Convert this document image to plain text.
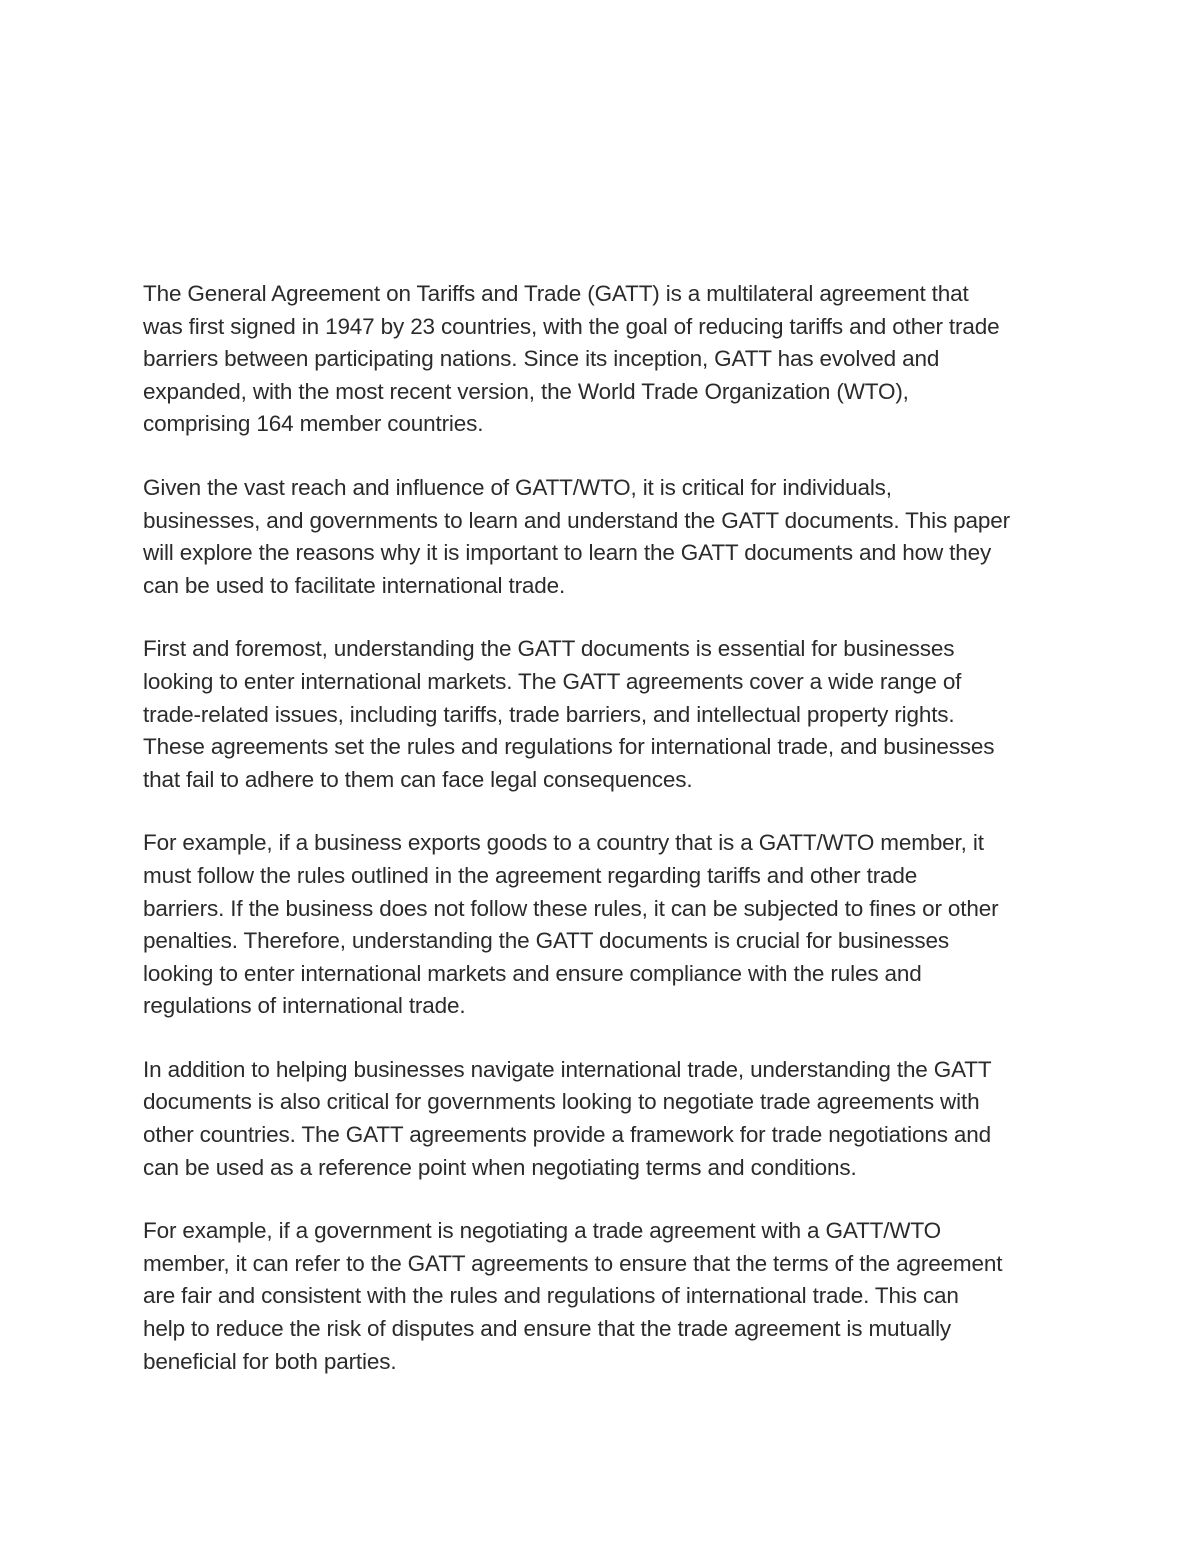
The General Agreement on Tariffs and Trade (GATT) is a multilateral agreement that
was first signed in 1947 by 23 countries, with the goal of reducing tariffs and other trade
barriers between participating nations. Since its inception, GATT has evolved and
expanded, with the most recent version, the World Trade Organization (WTO),
comprising 164 member countries.

Given the vast reach and influence of GATT/WTO, it is critical for individuals,
businesses, and governments to learn and understand the GATT documents. This paper
will explore the reasons why it is important to learn the GATT documents and how they
can be used to facilitate international trade.

First and foremost, understanding the GATT documents is essential for businesses
looking to enter international markets. The GATT agreements cover a wide range of
trade-related issues, including tariffs, trade barriers, and intellectual property rights.
These agreements set the rules and regulations for international trade, and businesses
that fail to adhere to them can face legal consequences.

For example, if a business exports goods to a country that is a GATT/WTO member, it
must follow the rules outlined in the agreement regarding tariffs and other trade
barriers. If the business does not follow these rules, it can be subjected to fines or other
penalties. Therefore, understanding the GATT documents is crucial for businesses
looking to enter international markets and ensure compliance with the rules and
regulations of international trade.

In addition to helping businesses navigate international trade, understanding the GATT
documents is also critical for governments looking to negotiate trade agreements with
other countries. The GATT agreements provide a framework for trade negotiations and
can be used as a reference point when negotiating terms and conditions.

For example, if a government is negotiating a trade agreement with a GATT/WTO
member, it can refer to the GATT agreements to ensure that the terms of the agreement
are fair and consistent with the rules and regulations of international trade. This can
help to reduce the risk of disputes and ensure that the trade agreement is mutually
beneficial for both parties.
